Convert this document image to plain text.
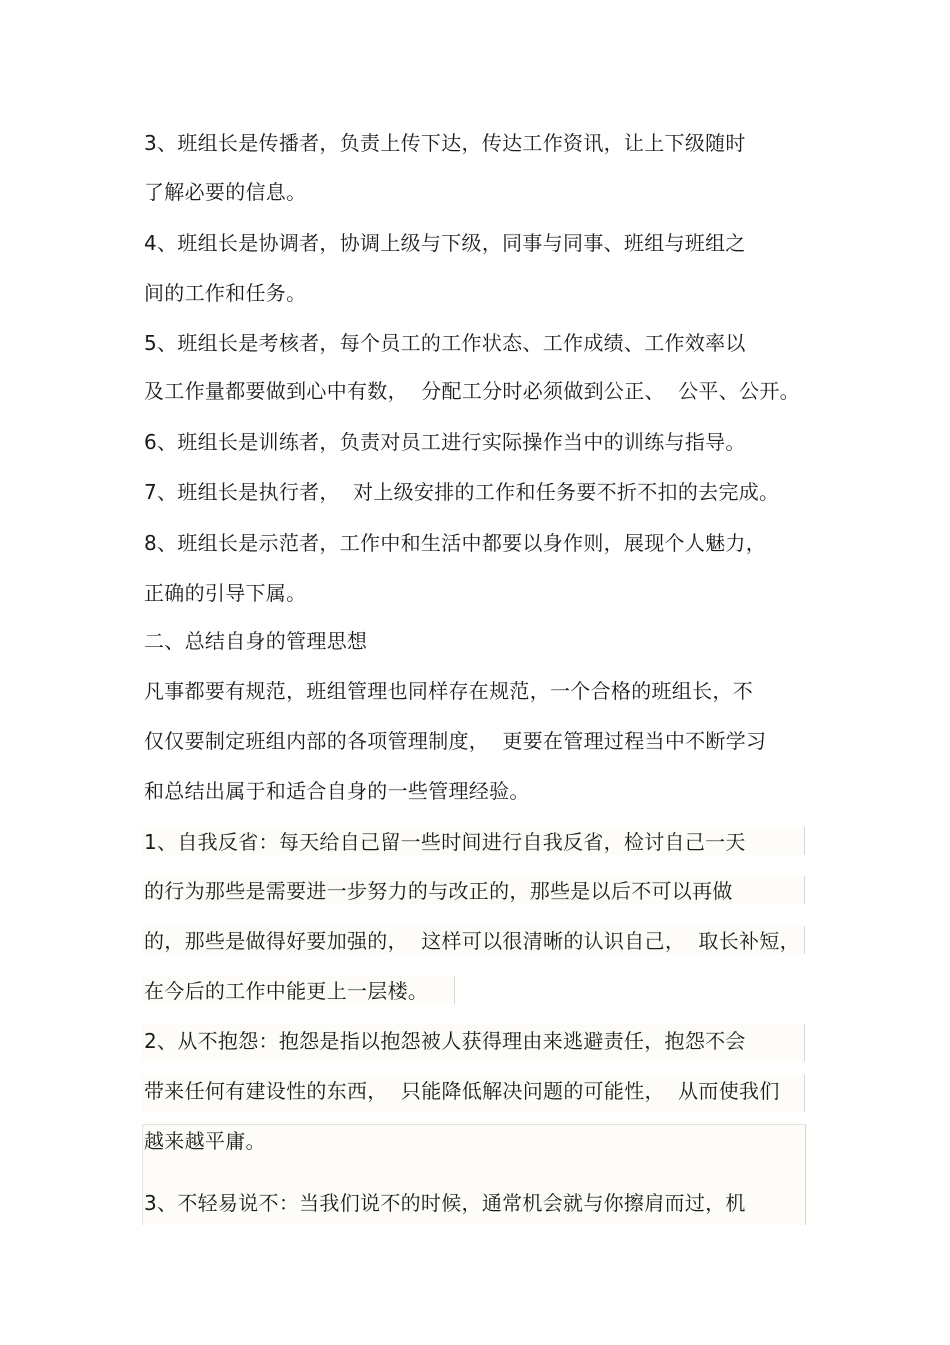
3、班组长是传播者，负责上传下达，传达工作资讯，让上下级随时
了解必要的信息。
4、班组长是协调者，协调上级与下级，同事与同事、班组与班组之
间的工作和任务。
5、班组长是考核者，每个员工的工作状态、工作成绩、工作效率以
及工作量都要做到心中有数，  分配工分时必须做到公正、  公平、公开。
6、班组长是训练者，负责对员工进行实际操作当中的训练与指导。
7、班组长是执行者，  对上级安排的工作和任务要不折不扣的去完成。
8、班组长是示范者，工作中和生活中都要以身作则，展现个人魅力，
正确的引导下属。
二、总结自身的管理思想
凡事都要有规范，班组管理也同样存在规范，一个合格的班组长，不
仅仅要制定班组内部的各项管理制度，  更要在管理过程当中不断学习
和总结出属于和适合自身的一些管理经验。
1、自我反省：每天给自己留一些时间进行自我反省，检讨自己一天
的行为那些是需要进一步努力的与改正的，那些是以后不可以再做
的，那些是做得好要加强的，  这样可以很清晰的认识自己，  取长补短，
在今后的工作中能更上一层楼。
2、从不抱怨：抱怨是指以抱怨被人获得理由来逃避责任，抱怨不会
带来任何有建设性的东西，  只能降低解决问题的可能性，  从而使我们
越来越平庸。
3、不轻易说不：当我们说不的时候，通常机会就与你擦肩而过，机
